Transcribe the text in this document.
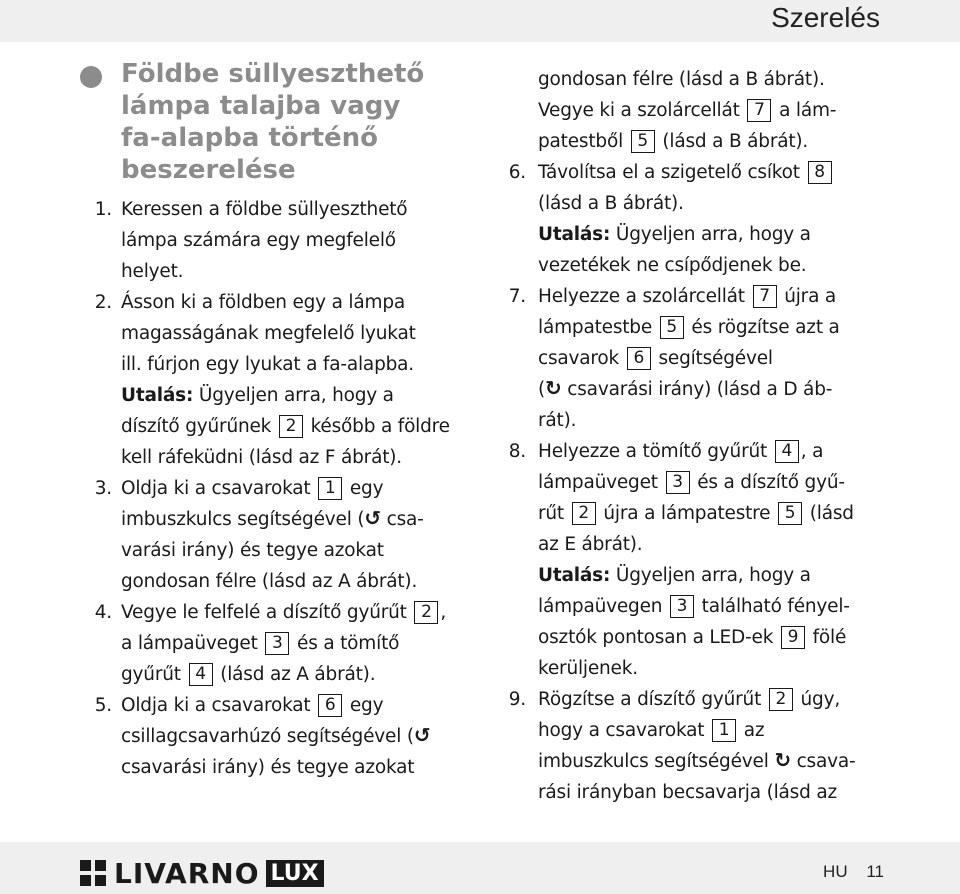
Szerelés
Földbe süllyeszthető
lámpa talajba vagy
fa-alapba történő
beszerelése
1. Keressen a földbe süllyeszthető
lámpa számára egy megfelelő
helyet.
2. Ásson ki a földben egy a lámpa
magasságának megfelelő lyukat
ill. fúrjon egy lyukat a fa-alapba.
Utalás: Ügyeljen arra, hogy a
díszítő gyűrűnek 2 később a földre
kell ráfeküdni (lásd az F ábrát).
3. Oldja ki a csavarokat 1 egy
imbuszkulcs segítségével (↺ csa-
varási irány) és tegye azokat
gondosan félre (lásd az A ábrát).
4. Vegye le felfelé a díszítő gyűrűt 2 ,
a lámpaüveget 3 és a tömítő
gyűrűt 4 (lásd az A ábrát).
5. Oldja ki a csavarokat 6 egy
csillagcsavarhúzó segítségével (↺
csavarási irány) és tegye azokat
gondosan félre (lásd a B ábrát).
Vegye ki a szolárcellát 7 a lám-
patestből 5 (lásd a B ábrát).
6. Távolítsa el a szigetelő csíkot 8
(lásd a B ábrát).
Utalás: Ügyeljen arra, hogy a
vezetékek ne csípődjenek be.
7. Helyezze a szolárcellát 7 újra a
lámpatestbe 5 és rögzítse azt a
csavarok 6 segítségével
(↻ csavarási irány) (lásd a D áb-
rát).
8. Helyezze a tömítő gyűrűt 4 , a
lámpaüveget 3 és a díszítő gyű-
rűt 2 újra a lámpatestre 5 (lásd
az E ábrát).
Utalás: Ügyeljen arra, hogy a
lámpaüvegen 3 található fényel-
osztók pontosan a LED-ek 9 fölé
kerüljenek.
9. Rögzítse a díszítő gyűrűt 2 úgy,
hogy a csavarokat 1 az
imbuszkulcs segítségével ↻ csava-
rási irányban becsavarja (lásd az
LIVARNO LUX	HU 11
